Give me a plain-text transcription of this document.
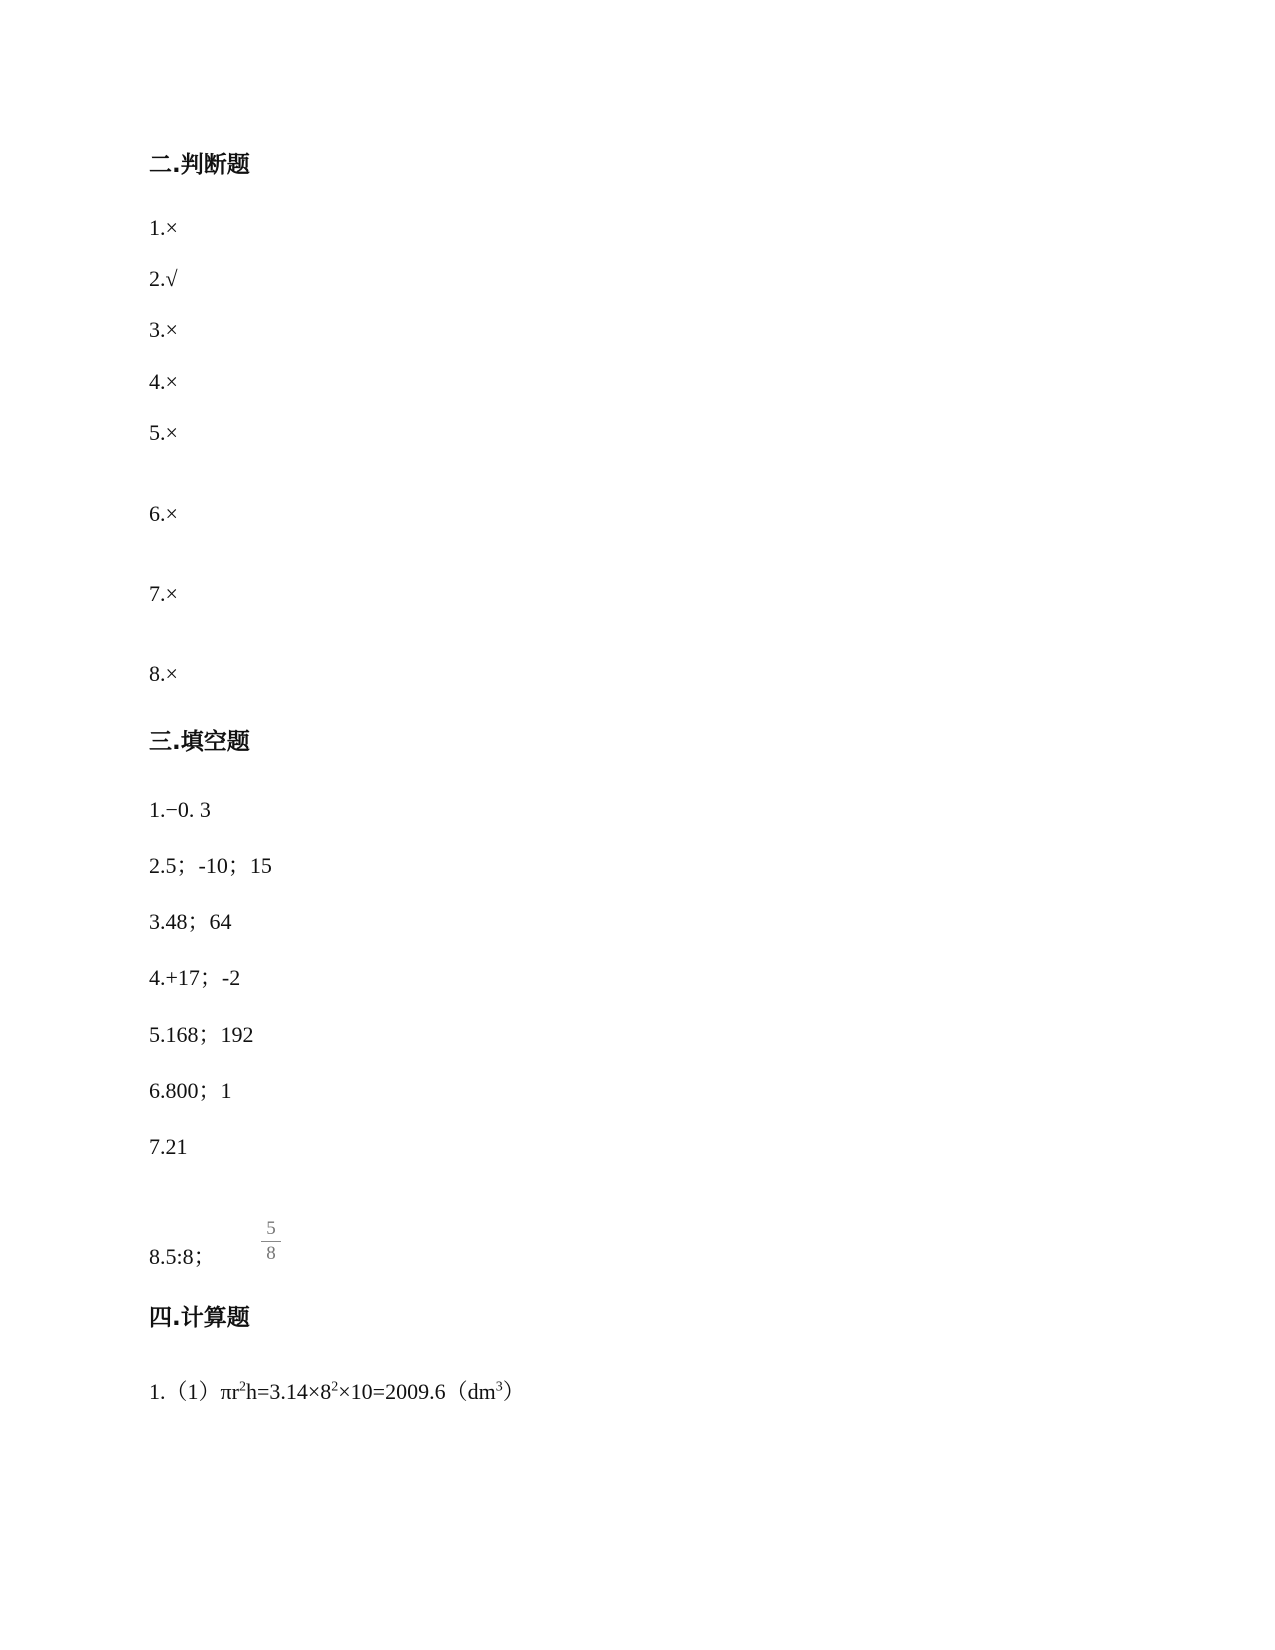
二.判断题
1.×
2.√
3.×
4.×
5.×
6.×
7.×
8.×
三.填空题
1.−0. 3
2.5；-10；15
3.48；64
4.+17；-2
5.168；192
6.800；1
7.21
8.5:8；
5
8
四.计算题
$1.(1)\pi r^2h=3.14\times 8^2\times 10=2009.6(dm^3)$
